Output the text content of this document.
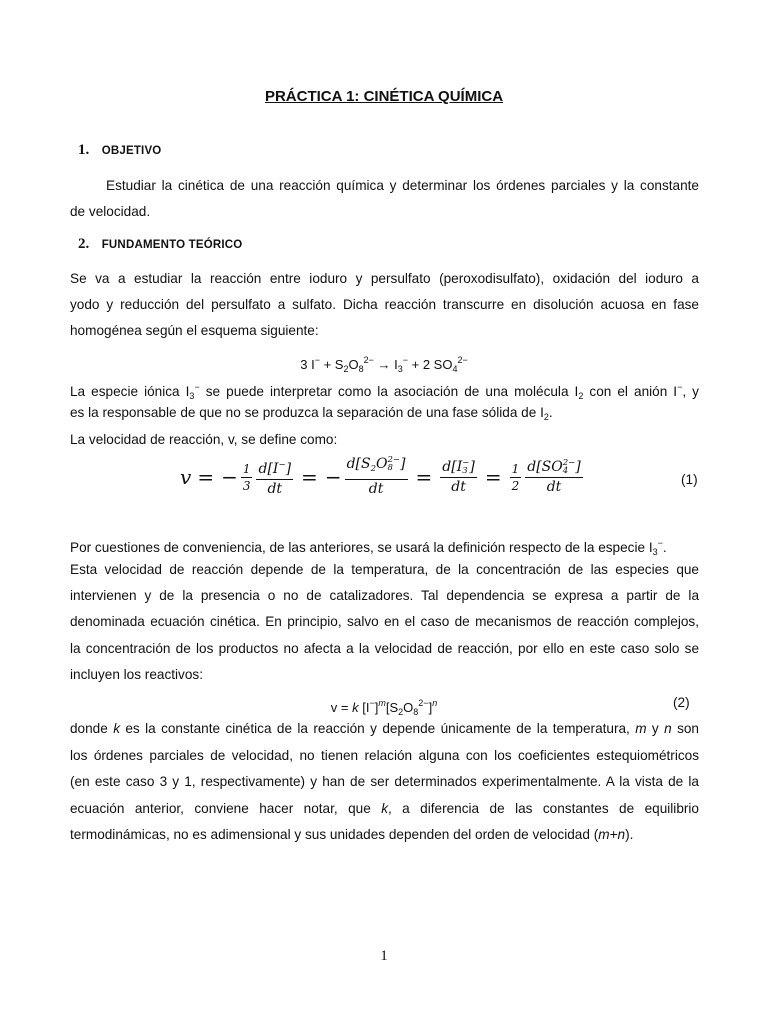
PRÁCTICA 1: CINÉTICA QUÍMICA
1. OBJETIVO
Estudiar la cinética de una reacción química y determinar los órdenes parciales y la constante
de velocidad.
2. FUNDAMENTO TEÓRICO
Se va a estudiar la reacción entre ioduro y persulfato (peroxodisulfato), oxidación del ioduro a
yodo y reducción del persulfato a sulfato. Dicha reacción transcurre en disolución acuosa en fase
homogénea según el esquema siguiente:
3 $I^- + S_2O_8^{2-} \to I_3^- + 2$ $SO_4^{2-}$
La especie iónica $I_3^-$ se puede interpretar como la asociación de una molécula $I_2$ con el anión I−, y
es la responsable de que no se produzca la separación de una fase sólida de $I_2$.
La velocidad de reacción, v, se define como:
𝑣 = − $\frac{1}{3} \frac{𝑑[𝐼^-]}{\text{𝑑𝑡}}$ = − 𝑑[𝑆$_2$𝑂 2−
8 ]
𝑑𝑡 = 𝑑[𝐼 −
3 ]
𝑑𝑡 = $\frac{1}{2}$ 𝑑[𝑆𝑂 2−
4 ]
𝑑𝑡	(1)
Por cuestiones de conveniencia, de las anteriores, se usará la definición respecto de la especie $I_3^-$.
Esta velocidad de reacción depende de la temperatura, de la concentración de las especies que
intervienen y de la presencia o no de catalizadores. Tal dependencia se expresa a partir de la
denominada ecuación cinética. En principio, salvo en el caso de mecanismos de reacción complejos,
la concentración de los productos no afecta a la velocidad de reacción, por ello en este caso solo se
incluyen los reactivos:
v = k $[I^-]^m[S_2O_8^{2-}]^n$	(2)
donde k es la constante cinética de la reacción y depende únicamente de la temperatura, m y n son
los órdenes parciales de velocidad, no tienen relación alguna con los coeficientes estequiométricos
(en este caso 3 y 1, respectivamente) y han de ser determinados experimentalmente. A la vista de la
ecuación anterior, conviene hacer notar, que k, a diferencia de las constantes de equilibrio
termodinámicas, no es adimensional y sus unidades dependen del orden de velocidad (m+n).
1
